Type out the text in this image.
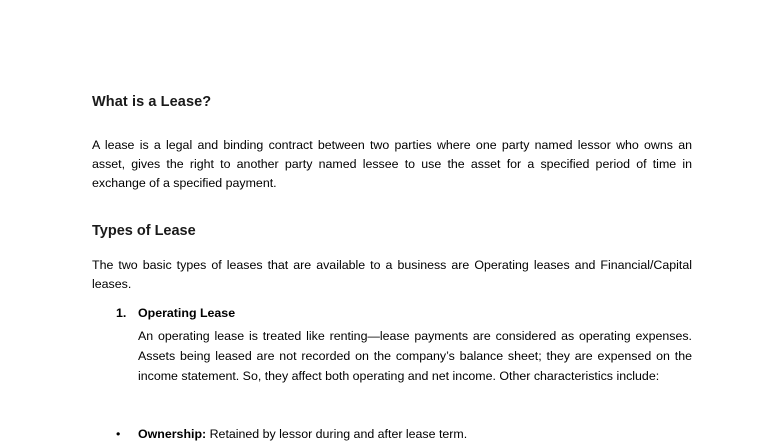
What is a Lease?
A lease is a legal and binding contract between two parties where one party named lessor who owns an asset, gives the right to another party named lessee to use the asset for a specified period of time in exchange of a specified payment.
Types of Lease
The two basic types of leases that are available to a business are Operating leases and Financial/Capital leases.
1. Operating Lease
An operating lease is treated like renting—lease payments are considered as operating expenses. Assets being leased are not recorded on the company’s balance sheet; they are expensed on the income statement. So, they affect both operating and net income. Other characteristics include:
• Ownership: Retained by lessor during and after lease term.
